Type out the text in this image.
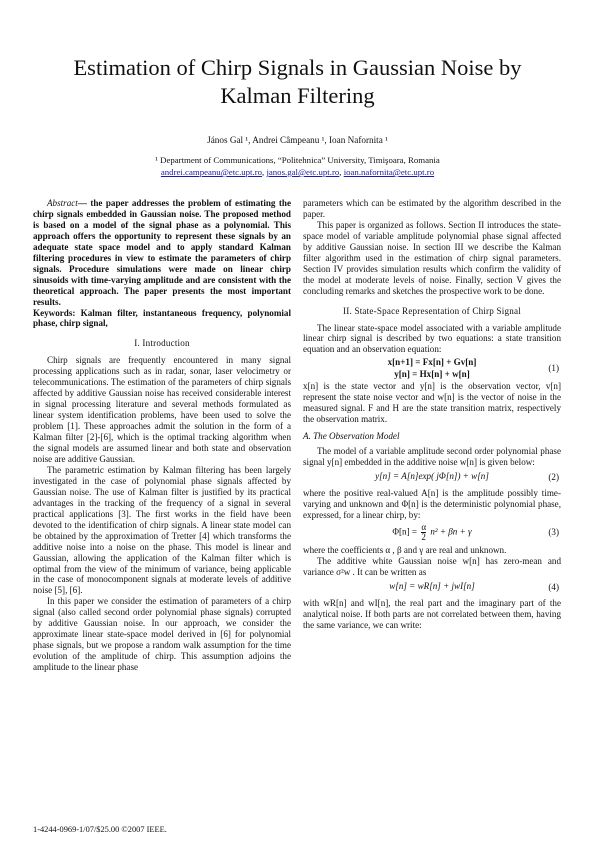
Estimation of Chirp Signals in Gaussian Noise by Kalman Filtering
János Gal ¹, Andrei Câmpeanu ¹, Ioan Nafornita ¹
¹ Department of Communications, “Politehnica” University, Timişoara, Romania
andrei.campeanu@etc.upt.ro, janos.gal@etc.upt.ro, ioan.nafornita@etc.upt.ro

Abstract— the paper addresses the problem of estimating the chirp signals embedded in Gaussian noise. The proposed method is based on a model of the signal phase as a polynomial. This approach offers the opportunity to represent these signals by an adequate state space model and to apply standard Kalman filtering procedures in view to estimate the parameters of chirp signals. Procedure simulations were made on linear chirp sinusoids with time-varying amplitude and are consistent with the theoretical approach. The paper presents the most important results.

Keywords: Kalman filter, instantaneous frequency, polynomial phase, chirp signal,

I. Introduction

Chirp signals are frequently encountered in many signal processing applications such as in radar, sonar, laser velocimetry or telecommunications. The estimation of the parameters of chirp signals affected by additive Gaussian noise has received considerable interest in signal processing literature and several methods formulated as linear system identification problems, have been used to solve the problem [1]. These approaches admit the solution in the form of a Kalman filter [2]-[6], which is the optimal tracking algorithm when the signal models are assumed linear and both state and observation noise are additive Gaussian.

The parametric estimation by Kalman filtering has been largely investigated in the case of polynomial phase signals affected by Gaussian noise. The use of Kalman filter is justified by its practical advantages in the tracking of the frequency of a signal in several practical applications [3]. The first works in the field have been devoted to the identification of chirp signals. A linear state model can be obtained by the approximation of Tretter [4] which transforms the additive noise into a noise on the phase. This model is linear and Gaussian, allowing the application of the Kalman filter which is optimal from the view of the minimum of variance, being applicable in the case of monocomponent signals at moderate levels of additive noise [5], [6].

In this paper we consider the estimation of parameters of a chirp signal (also called second order polynomial phase signals) corrupted by additive Gaussian noise. In our approach, we consider the approximate linear state-space model derived in [6] for polynomial phase signals, but we propose a random walk assumption for the time evolution of the amplitude of chirp. This assumption adjoins the amplitude to the linear phase

parameters which can be estimated by the algorithm described in the paper.

This paper is organized as follows. Section II introduces the state-space model of variable amplitude polynomial phase signal affected by additive Gaussian noise. In section III we describe the Kalman filter algorithm used in the estimation of chirp signal parameters. Section IV provides simulation results which confirm the validity of the model at moderate levels of noise. Finally, section V gives the concluding remarks and sketches the prospective work to be done.

II. State-Space Representation of Chirp Signal

The linear state-space model associated with a variable amplitude linear chirp signal is described by two equations: a state transition equation and an observation equation:

x[n+1] = Fx[n] + Gv[n]
y[n] = Hx[n] + w[n]
(1)

x[n] is the state vector and y[n] is the observation vector, v[n] represent the state noise vector and w[n] is the vector of noise in the measured signal. F and H are the state transition matrix, respectively the observation matrix.

A. The Observation Model

The model of a variable amplitude second order polynomial phase signal y[n] embedded in the additive noise w[n] is given below:

y[n] = A[n]exp( jΦ[n]) + w[n]	(2)

where the positive real-valued A[n] is the amplitude possibly time-varying and unknown and Φ[n] is the deterministic polynomial phase, expressed, for a linear chirp, by:

$\Phi[n] = \frac{\alpha}{2} n^2 + \beta n + \gamma$	(3)

where the coefficients α , β and γ are real and unknown.

The additive white Gaussian noise w[n] has zero-mean and variance σ²w . It can be written as

w[n] = wR[n] + jwI[n]	(4)

with wR[n] and wI[n], the real part and the imaginary part of the analytical noise. If both parts are not correlated between them, having the same variance, we can write:

1-4244-0969-1/07/$25.00 ©2007 IEEE.
